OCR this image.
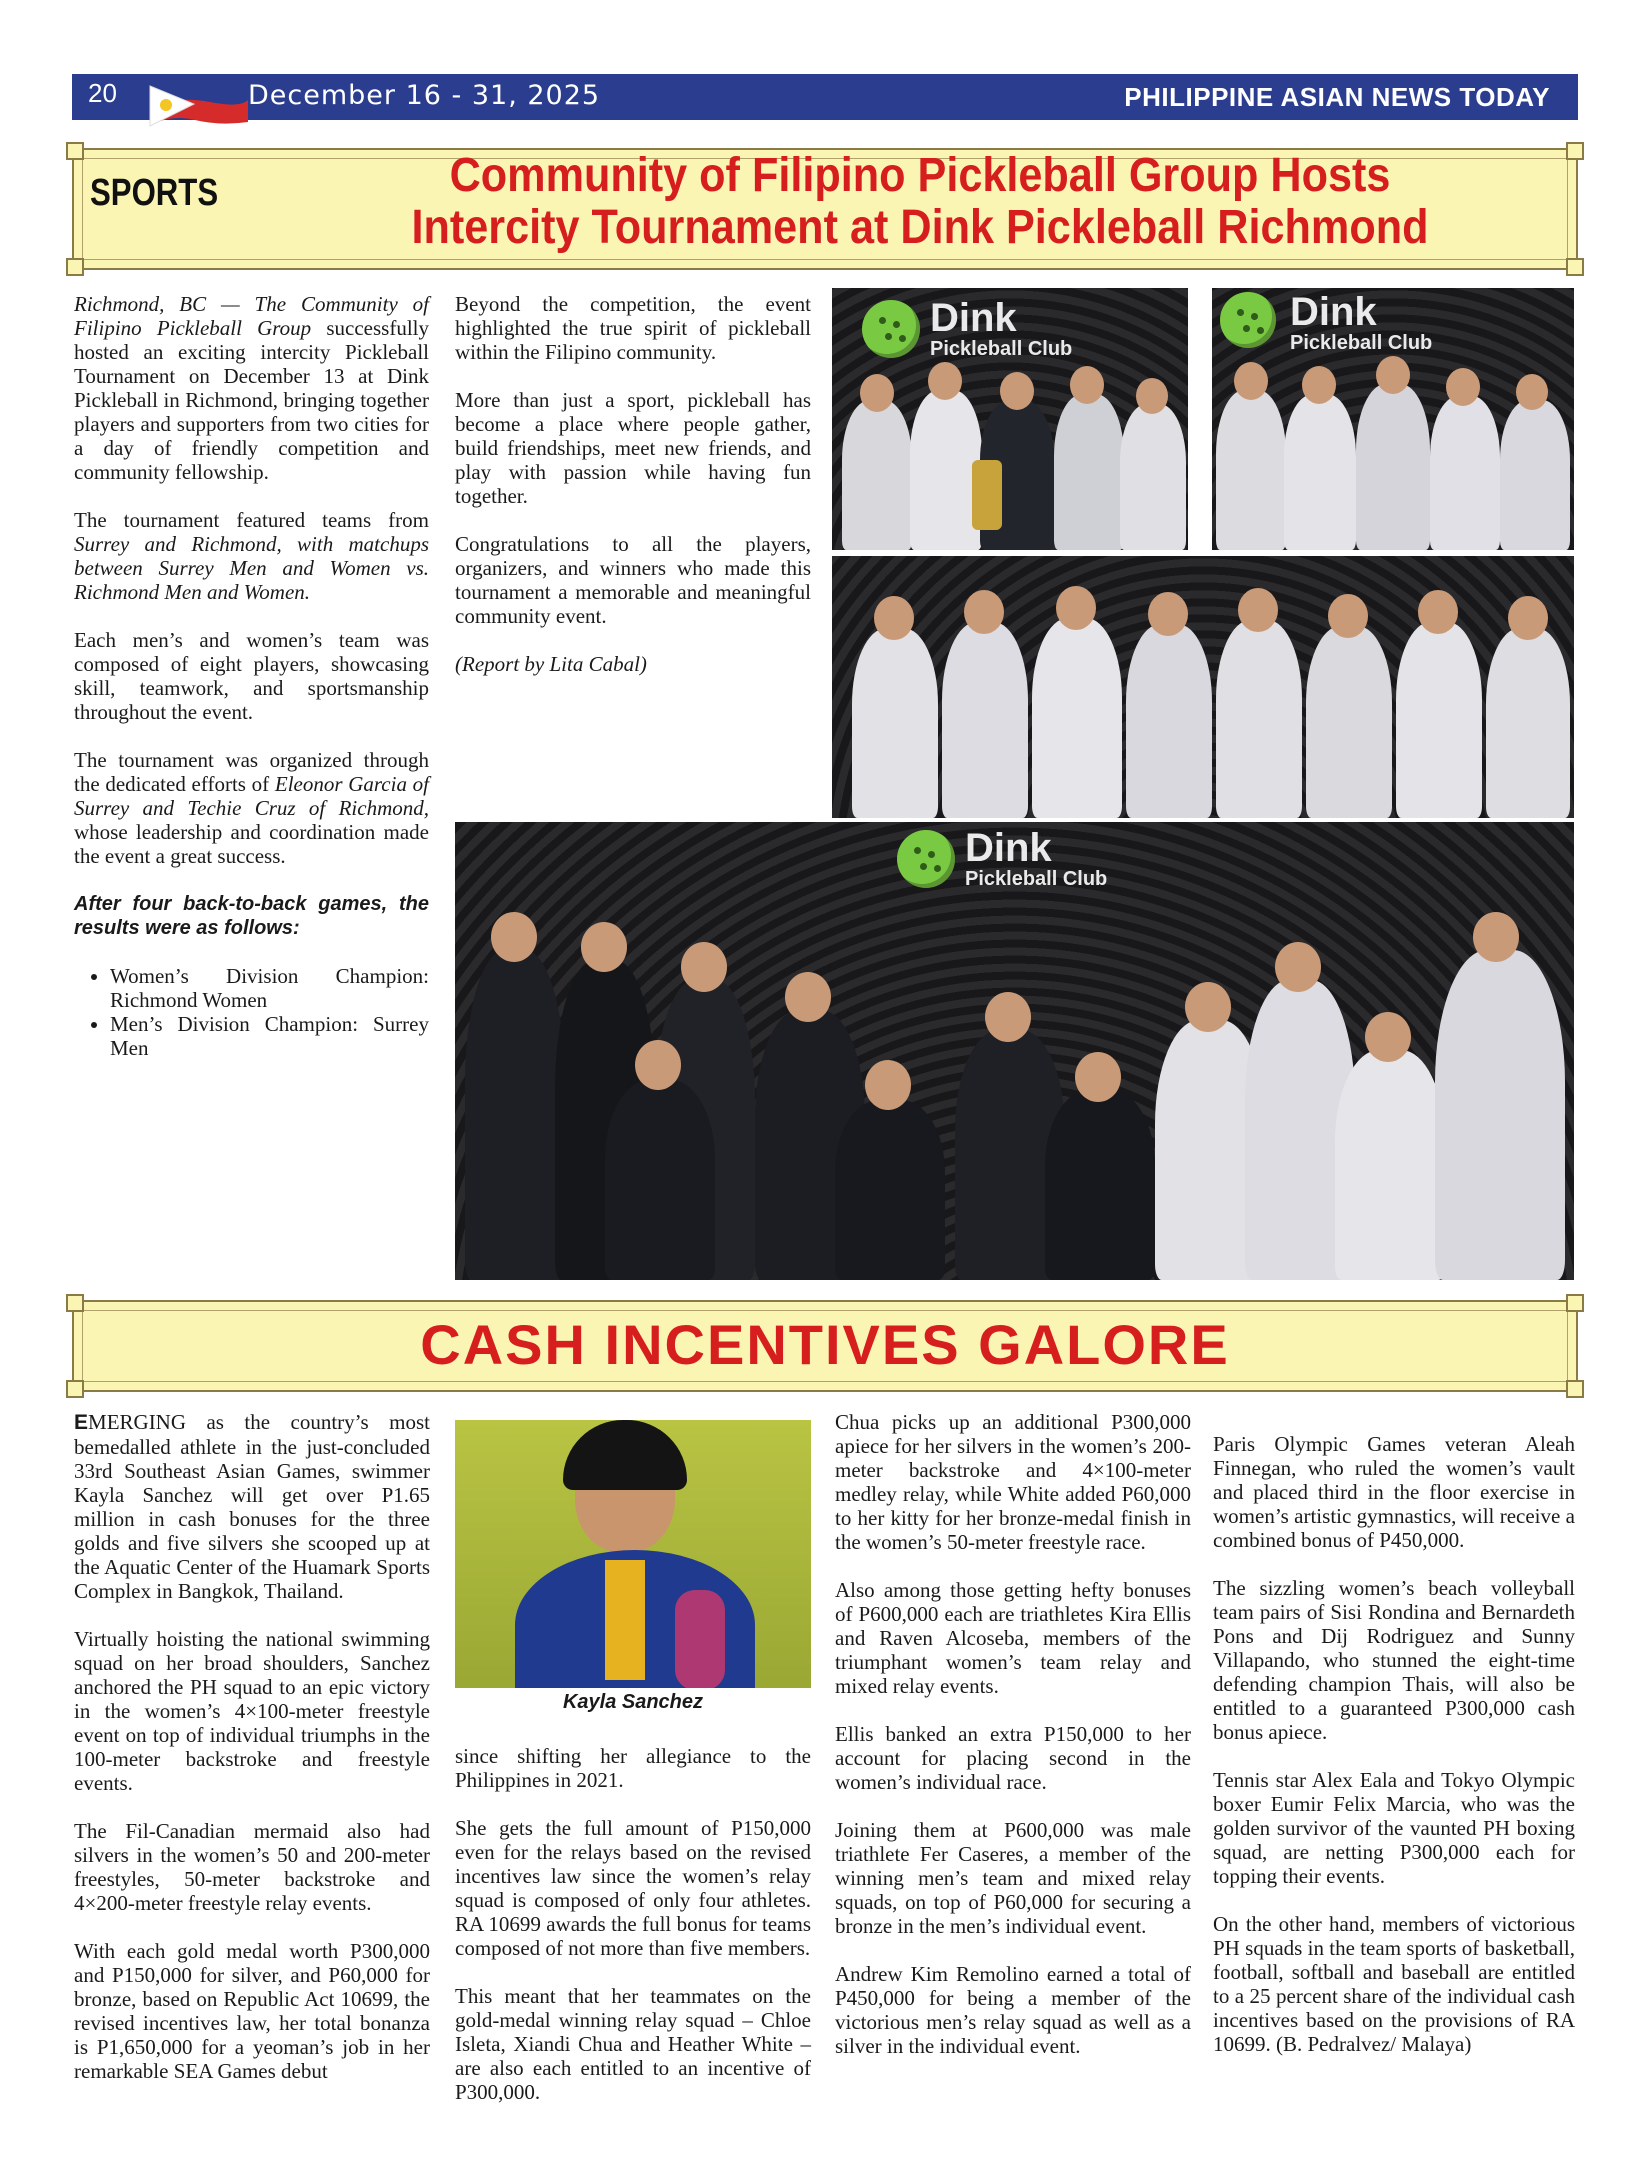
20	December 16 - 31, 2025	PHILIPPINE ASIAN NEWS TODAY
SPORTS	Community of Filipino Pickleball Group Hosts
Intercity Tournament at Dink Pickleball Richmond

Richmond, BC — The Community of Filipino Pickleball Group successfully hosted an exciting intercity Pickleball Tournament on December 13 at Dink Pickleball in Richmond, bringing together players and supporters from two cities for a day of friendly competition and community fellowship.

The tournament featured teams from Surrey and Richmond, with matchups between Surrey Men and Women vs. Richmond Men and Women.

Each men’s and women’s team was composed of eight players, showcasing skill, teamwork, and sportsmanship throughout the event.

The tournament was organized through the dedicated efforts of Eleonor Garcia of Surrey and Techie Cruz of Richmond, whose leadership and coordination made the event a great success.

After four back-to-back games, the results were as follows:

• Women’s Division Champion: Richmond Women
• Men’s Division Champion: Surrey Men

Beyond the competition, the event highlighted the true spirit of pickleball within the Filipino community.

More than just a sport, pickleball has become a place where people gather, build friendships, meet new friends, and play with passion while having fun together.

Congratulations to all the players, organizers, and winners who made this tournament a memorable and meaningful community event.

(Report by Lita Cabal)

Dink
Pickleball Club
Dink
Pickleball Club
Dink
Pickleball Club
CASH INCENTIVES GALORE

EMERGING as the country’s most bemedalled athlete in the just-concluded 33rd Southeast Asian Games, swimmer Kayla Sanchez will get over P1.65 million in cash bonuses for the three golds and five silvers she scooped up at the Aquatic Center of the Huamark Sports Complex in Bangkok, Thailand.

Virtually hoisting the national swimming squad on her broad shoulders, Sanchez anchored the PH squad to an epic victory in the women’s 4×100-meter freestyle event on top of individual triumphs in the 100-meter backstroke and freestyle events.

The Fil-Canadian mermaid also had silvers in the women’s 50 and 200-meter freestyles, 50-meter backstroke and 4×200-meter freestyle relay events.

With each gold medal worth P300,000 and P150,000 for silver, and P60,000 for bronze, based on Republic Act 10699, the revised incentives law, her total bonanza is P1,650,000 for a yeoman’s job in her remarkable SEA Games debut

Kayla Sanchez

since shifting her allegiance to the Philippines in 2021.

She gets the full amount of P150,000 even for the relays based on the revised incentives law since the women’s relay squad is composed of only four athletes. RA 10699 awards the full bonus for teams composed of not more than five members.

This meant that her teammates on the gold-medal winning relay squad – Chloe Isleta, Xiandi Chua and Heather White – are also each entitled to an incentive of P300,000.

Chua picks up an additional P300,000 apiece for her silvers in the women’s 200-meter backstroke and 4×100-meter medley relay, while White added P60,000 to her kitty for her bronze-medal finish in the women’s 50-meter freestyle race.

Also among those getting hefty bonuses of P600,000 each are triathletes Kira Ellis and Raven Alcoseba, members of the triumphant women’s team relay and mixed relay events.

Ellis banked an extra P150,000 to her account for placing second in the women’s individual race.

Joining them at P600,000 was male triathlete Fer Caseres, a member of the winning men’s team and mixed relay squads, on top of P60,000 for securing a bronze in the men’s individual event.

Andrew Kim Remolino earned a total of P450,000 for being a member of the victorious men’s relay squad as well as a silver in the individual event.

Paris Olympic Games veteran Aleah Finnegan, who ruled the women’s vault and placed third in the floor exercise in women’s artistic gymnastics, will receive a combined bonus of P450,000.

The sizzling women’s beach volleyball team pairs of Sisi Rondina and Bernardeth Pons and Dij Rodriguez and Sunny Villapando, who stunned the eight-time defending champion Thais, will also be entitled to a guaranteed P300,000 cash bonus apiece.

Tennis star Alex Eala and Tokyo Olympic boxer Eumir Felix Marcia, who was the golden survivor of the vaunted PH boxing squad, are netting P300,000 each for topping their events.

On the other hand, members of victorious PH squads in the team sports of basketball, football, softball and baseball are entitled to a 25 percent share of the individual cash incentives based on the provisions of RA 10699. (B. Pedralvez/ Malaya)
